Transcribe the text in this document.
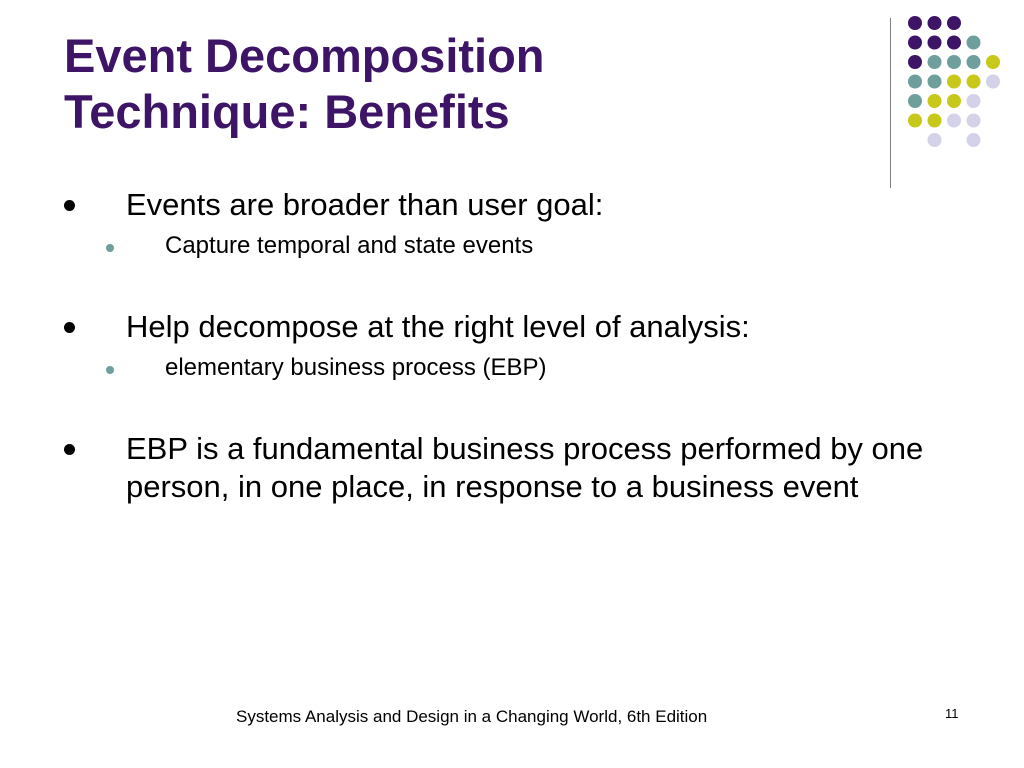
Event Decomposition
Technique: Benefits
Events are broader than user goal:
Capture temporal and state events
Help decompose at the right level of analysis:
elementary business process (EBP)
EBP is a fundamental business process performed by one person, in one place, in response to a business event
Systems Analysis and Design in a Changing World, 6th Edition	11
